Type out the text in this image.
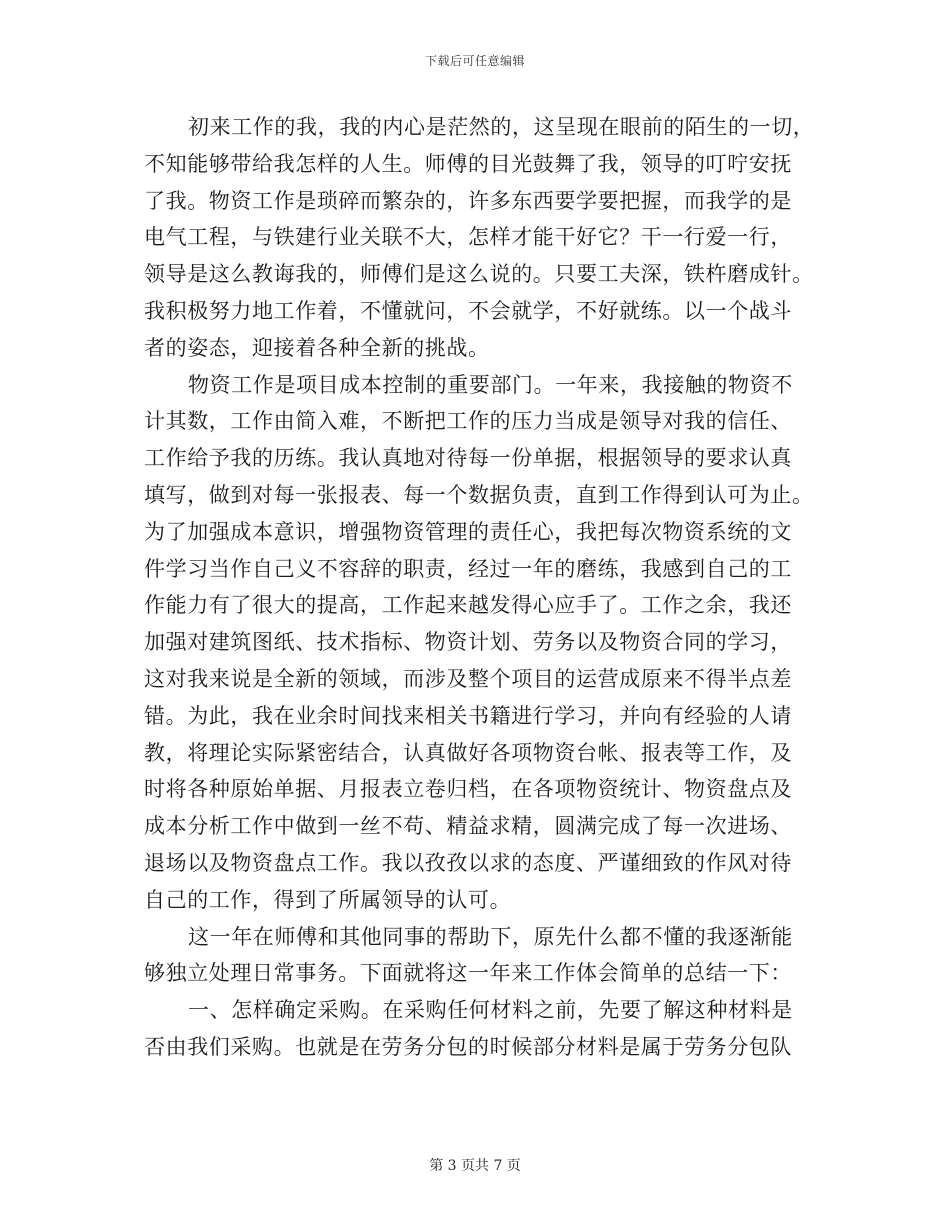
下载后可任意编辑
初来工作的我，我的内心是茫然的，这呈现在眼前的陌生的一切，
不知能够带给我怎样的人生。师傅的目光鼓舞了我，领导的叮咛安抚
了我。物资工作是琐碎而繁杂的，许多东西要学要把握，而我学的是
电气工程，与铁建行业关联不大，怎样才能干好它？干一行爱一行，
领导是这么教诲我的，师傅们是这么说的。只要工夫深，铁杵磨成针。
我积极努力地工作着，不懂就问，不会就学，不好就练。以一个战斗
者的姿态，迎接着各种全新的挑战。
物资工作是项目成本控制的重要部门。一年来，我接触的物资不
计其数，工作由简入难，不断把工作的压力当成是领导对我的信任、
工作给予我的历练。我认真地对待每一份单据，根据领导的要求认真
填写，做到对每一张报表、每一个数据负责，直到工作得到认可为止。
为了加强成本意识，增强物资管理的责任心，我把每次物资系统的文
件学习当作自己义不容辞的职责，经过一年的磨练，我感到自己的工
作能力有了很大的提高，工作起来越发得心应手了。工作之余，我还
加强对建筑图纸、技术指标、物资计划、劳务以及物资合同的学习，
这对我来说是全新的领域，而涉及整个项目的运营成原来不得半点差
错。为此，我在业余时间找来相关书籍进行学习，并向有经验的人请
教，将理论实际紧密结合，认真做好各项物资台帐、报表等工作，及
时将各种原始单据、月报表立卷归档，在各项物资统计、物资盘点及
成本分析工作中做到一丝不苟、精益求精，圆满完成了每一次进场、
退场以及物资盘点工作。我以孜孜以求的态度、严谨细致的作风对待
自己的工作，得到了所属领导的认可。
这一年在师傅和其他同事的帮助下，原先什么都不懂的我逐渐能
够独立处理日常事务。下面就将这一年来工作体会简单的总结一下：
一、怎样确定采购。在采购任何材料之前，先要了解这种材料是
否由我们采购。也就是在劳务分包的时候部分材料是属于劳务分包队
第 3 页共 7 页
